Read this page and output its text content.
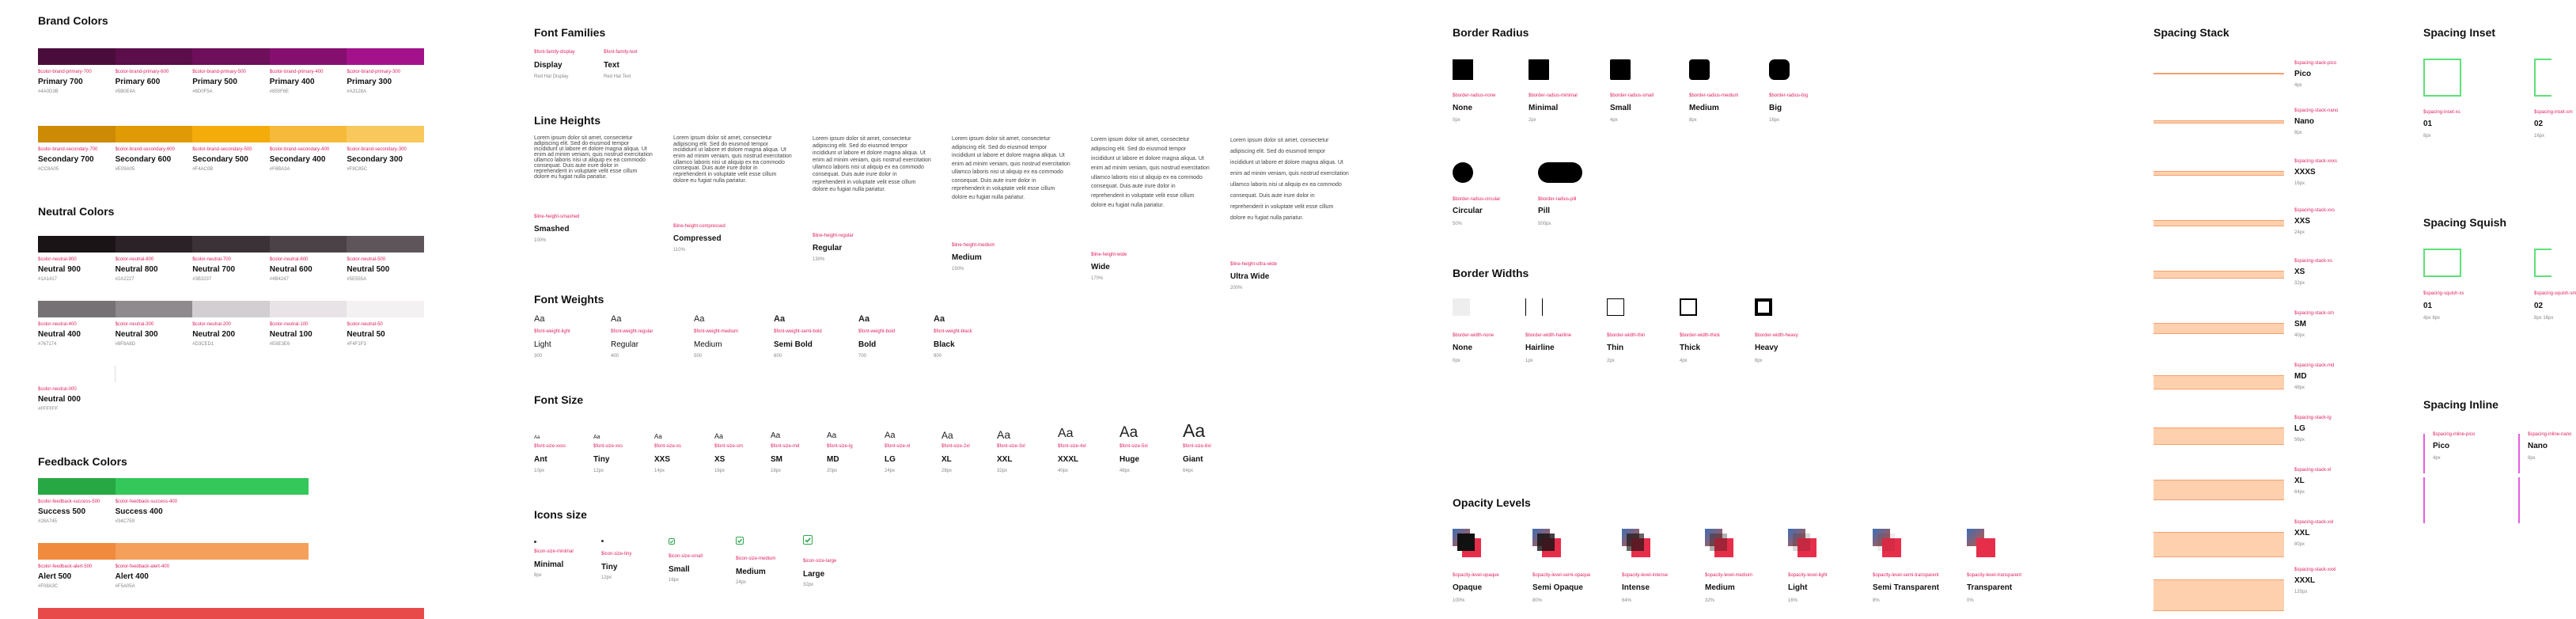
Brand Colors
$color-brand-primary-700
Primary 700
#4A0D3B
$color-brand-primary-600
Primary 600
#5B0E4A
$color-brand-primary-500
Primary 500
#6D0F5A
$color-brand-primary-400
Primary 400
#850F6E
$color-brand-primary-300
Primary 300
#A3128A
$color-brand-secondary-700
Secondary 700
#CC8A05
$color-brand-secondary-600
Secondary 600
#E09A05
$color-brand-secondary-500
Secondary 500
#F4AC0B
$color-brand-secondary-400
Secondary 400
#F6BA3A
$color-brand-secondary-300
Secondary 300
#F8C85C
Neutral Colors
$color-neutral-900
Neutral 900
#1A1417
$color-neutral-800
Neutral 800
#2A2227
$color-neutral-700
Neutral 700
#3B3237
$color-neutral-600
Neutral 600
#4B4247
$color-neutral-500
Neutral 500
#5E555A
$color-neutral-400
Neutral 400
#767174
$color-neutral-300
Neutral 300
#8F8A8D
$color-neutral-200
Neutral 200
#D3CED1
$color-neutral-100
Neutral 100
#E8E3E6
$color-neutral-50
Neutral 50
#F4F1F3
$color-neutral-000
Neutral 000
#FFFFFF
Feedback Colors
$color-feedback-success-500
Success 500
#28A745
$color-feedback-success-400
Success 400
#34C759
$color-feedback-alert-500
Alert 500
#F08A3C
$color-feedback-alert-400
Alert 400
#F5A05A
Font Families
$font-family-display
Display
Red Hat Display
$font-family-text
Text
Red Hat Text
Line Heights
Lorem ipsum dolor sit amet, consectetur adipiscing elit. Sed do eiusmod tempor incididunt ut labore et dolore magna aliqua. Ut enim ad minim veniam, quis nostrud exercitation ullamco laboris nisi ut aliquip ex ea commodo consequat. Duis aute irure dolor in reprehenderit in voluptate velit esse cillum dolore eu fugiat nulla pariatur.
$line-height-smashed
Smashed
100%
Lorem ipsum dolor sit amet, consectetur adipiscing elit. Sed do eiusmod tempor incididunt ut labore et dolore magna aliqua. Ut enim ad minim veniam, quis nostrud exercitation ullamco laboris nisi ut aliquip ex ea commodo consequat. Duis aute irure dolor in reprehenderit in voluptate velit esse cillum dolore eu fugiat nulla pariatur.
$line-height-compressed
Compressed
110%
Lorem ipsum dolor sit amet, consectetur adipiscing elit. Sed do eiusmod tempor incididunt ut labore et dolore magna aliqua. Ut enim ad minim veniam, quis nostrud exercitation ullamco laboris nisi ut aliquip ex ea commodo consequat. Duis aute irure dolor in reprehenderit in voluptate velit esse cillum dolore eu fugiat nulla pariatur.
$line-height-regular
Regular
130%
Lorem ipsum dolor sit amet, consectetur adipiscing elit. Sed do eiusmod tempor incididunt ut labore et dolore magna aliqua. Ut enim ad minim veniam, quis nostrud exercitation ullamco laboris nisi ut aliquip ex ea commodo consequat. Duis aute irure dolor in reprehenderit in voluptate velit esse cillum dolore eu fugiat nulla pariatur.
$line-height-medium
Medium
150%
Lorem ipsum dolor sit amet, consectetur adipiscing elit. Sed do eiusmod tempor incididunt ut labore et dolore magna aliqua. Ut enim ad minim veniam, quis nostrud exercitation ullamco laboris nisi ut aliquip ex ea commodo consequat. Duis aute irure dolor in reprehenderit in voluptate velit esse cillum dolore eu fugiat nulla pariatur.
$line-height-wide
Wide
170%
Lorem ipsum dolor sit amet, consectetur adipiscing elit. Sed do eiusmod tempor incididunt ut labore et dolore magna aliqua. Ut enim ad minim veniam, quis nostrud exercitation ullamco laboris nisi ut aliquip ex ea commodo consequat. Duis aute irure dolor in reprehenderit in voluptate velit esse cillum dolore eu fugiat nulla pariatur.
$line-height-ultra-wide
Ultra Wide
200%
Font Weights
Aa
$font-weight-light
Light
300
Aa
$font-weight-regular
Regular
400
Aa
$font-weight-medium
Medium
500
Aa
$font-weight-semi-bold
Semi Bold
600
Aa
$font-weight-bold
Bold
700
Aa
$font-weight-black
Black
900
Font Size
Aa
$font-size-xxxs
Ant
10px
Aa
$font-size-xxs
Tiny
12px
Aa
$font-size-xs
XXS
14px
Aa
$font-size-sm
XS
16px
Aa
$font-size-md
SM
18px
Aa
$font-size-lg
MD
20px
Aa
$font-size-xl
LG
24px
Aa
$font-size-2xl
XL
28px
Aa
$font-size-3xl
XXL
32px
Aa
$font-size-4xl
XXXL
40px
Aa
$font-size-5xl
Huge
48px
Aa
$font-size-6xl
Giant
64px
Icons size
$icon-size-minimal
Minimal
8px
$icon-size-tiny
Tiny
12px
$icon-size-small
Small
16px
$icon-size-medium
Medium
24px
$icon-size-large
Large
32px
Border Radius
$border-radius-none
None
0px
$border-radius-minimal
Minimal
2px
$border-radius-small
Small
4px
$border-radius-medium
Medium
8px
$border-radius-big
Big
16px
$border-radius-circular
Circular
50%
$border-radius-pill
Pill
500px
Border Widths
$border-width-none
None
0px
$border-width-hairline
Hairline
1px
$border-width-thin
Thin
2px
$border-width-thick
Thick
4px
$border-width-heavy
Heavy
8px
Opacity Levels
$opacity-level-opaque
Opaque
100%
$opacity-level-semi-opaque
Semi Opaque
80%
$opacity-level-intense
Intense
64%
$opacity-level-medium
Medium
32%
$opacity-level-light
Light
16%
$opacity-level-semi-transparent
Semi Transparent
8%
$opacity-level-transparent
Transparent
0%
Spacing Stack
$spacing-stack-pico
Pico
4px
$spacing-stack-nano
Nano
8px
$spacing-stack-xxxs
XXXS
16px
$spacing-stack-xxs
XXS
24px
$spacing-stack-xs
XS
32px
$spacing-stack-sm
SM
40px
$spacing-stack-md
MD
48px
$spacing-stack-lg
LG
56px
$spacing-stack-xl
XL
64px
$spacing-stack-xxl
XXL
80px
$spacing-stack-xxxl
XXXL
120px
Spacing Inset
$spacing-inset-xs
01
8px
$spacing-inset-sm
02
16px
Spacing Squish
$spacing-squish-xs
01
4px 8px
$spacing-squish-sm
02
8px 16px
Spacing Inline
$spacing-inline-pico
Pico
4px
$spacing-inline-nano
Nano
8px
